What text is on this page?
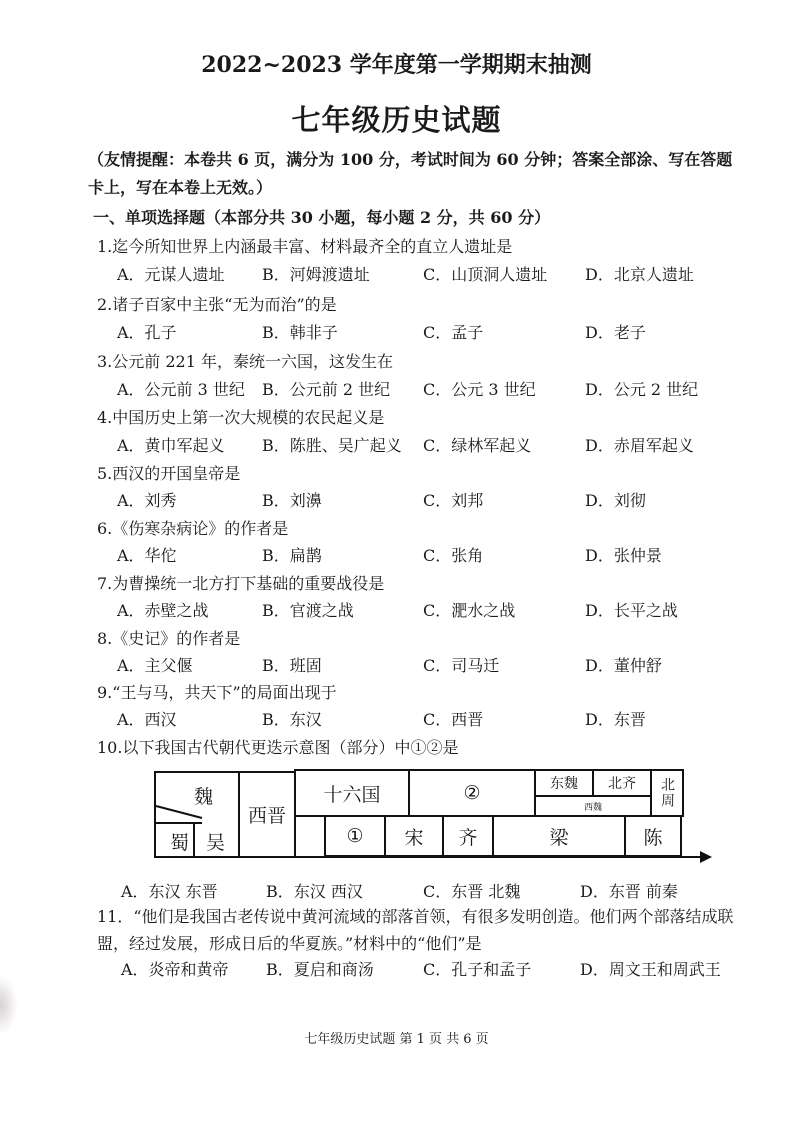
2022~2023 学年度第一学期期末抽测
七年级历史试题
（友情提醒：本卷共 6 页，满分为 100 分，考试时间为 60 分钟；答案全部涂、写在答题卡上，写在本卷上无效。）
一、单项选择题（本部分共 30 小题，每小题 2 分，共 60 分）
1.迄今所知世界上内涵最丰富、材料最齐全的直立人遗址是
A．元谋人遗址 B．河姆渡遗址	C．山顶洞人遗址 D．北京人遗址
2.诸子百家中主张“无为而治”的是
A．孔子	B．韩非子	C．孟子	D．老子
3.公元前 221 年，秦统一六国，这发生在
A．公元前 3 世纪 B．公元前 2 世纪 C．公元 3 世纪	D．公元 2 世纪
4.中国历史上第一次大规模的农民起义是
A．黄巾军起义 B．陈胜、吴广起义 C．绿林军起义	D．赤眉军起义
5.西汉的开国皇帝是
A．刘秀	B．刘濞	C．刘邦	D．刘彻
6.《伤寒杂病论》的作者是
A．华佗	B．扁鹊	C．张角	D．张仲景
7.为曹操统一北方打下基础的重要战役是
A．赤壁之战	B．官渡之战	C．淝水之战	D．长平之战
8.《史记》的作者是
A．主父偃	B．班固	C．司马迁	D．董仲舒
9.“王与马，共天下”的局面出现于
A．西汉	B．东汉	C．西晋	D．东晋
10.以下我国古代朝代更迭示意图（部分）中①②是
魏
蜀 吴
西晋
十六国	②	东魏 北齐
西魏	北周
① 宋 齐	梁	陈
A．东汉 东晋	B．东汉 西汉	C．东晋 北魏	D．东晋 前秦
11．“他们是我国古老传说中黄河流域的部落首领，有很多发明创造。他们两个部落结成联盟，经过发展，形成日后的华夏族。”材料中的“他们”是
A．炎帝和黄帝 B．夏启和商汤	C．孔子和孟子	D．周文王和周武王
七年级历史试题 第 1 页 共 6 页
